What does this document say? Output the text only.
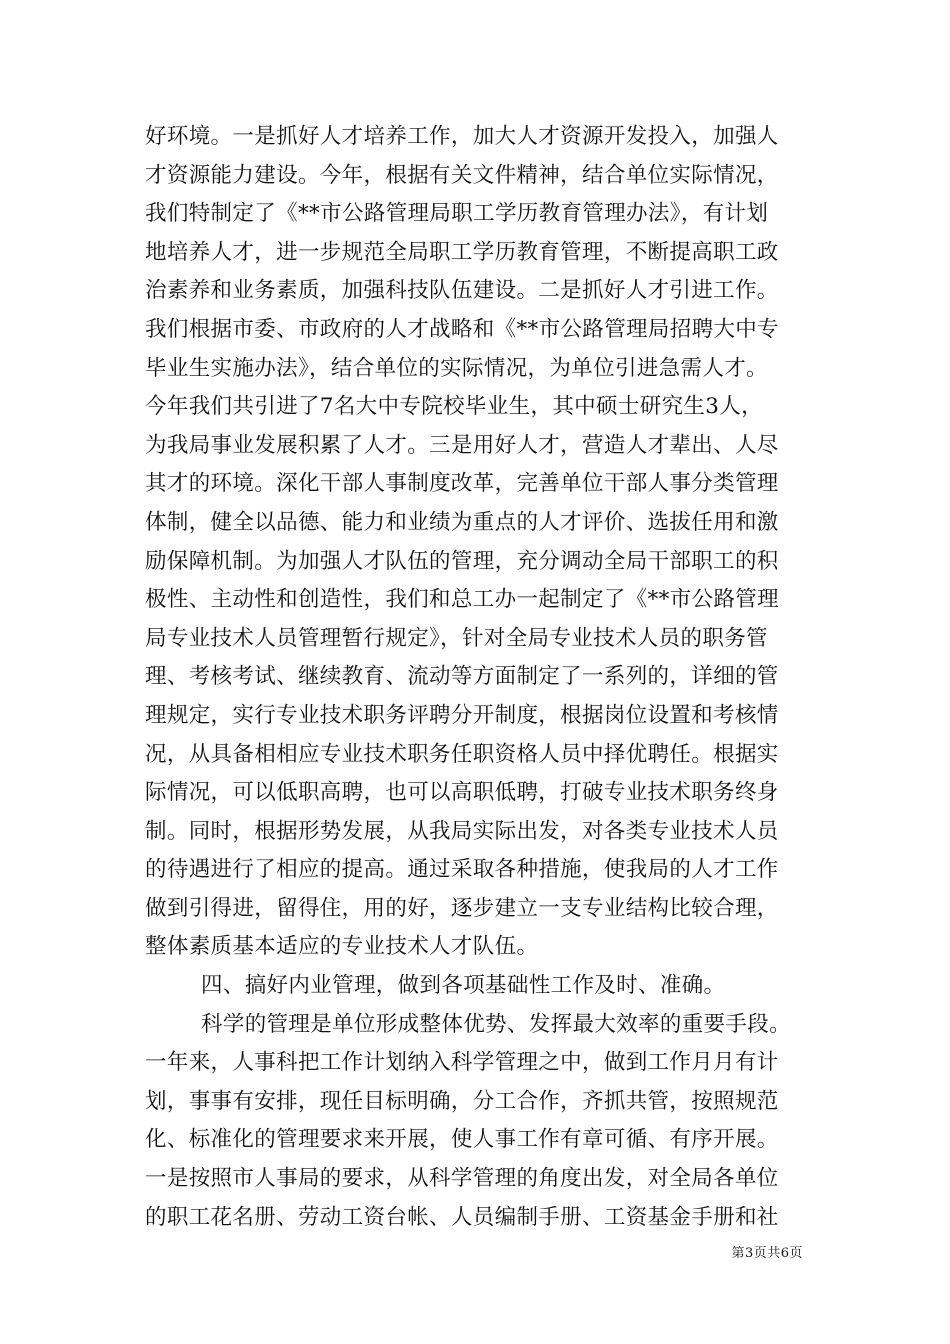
好环境。一是抓好人才培养工作，加大人才资源开发投入，加强人
才资源能力建设。今年，根据有关文件精神，结合单位实际情况，
我们特制定了《**市公路管理局职工学历教育管理办法》，有计划
地培养人才，进一步规范全局职工学历教育管理，不断提高职工政
治素养和业务素质，加强科技队伍建设。二是抓好人才引进工作。
我们根据市委、市政府的人才战略和《**市公路管理局招聘大中专
毕业生实施办法》，结合单位的实际情况，为单位引进急需人才。
今年我们共引进了7名大中专院校毕业生，其中硕士研究生3人，
为我局事业发展积累了人才。三是用好人才，营造人才辈出、人尽
其才的环境。深化干部人事制度改革，完善单位干部人事分类管理
体制，健全以品德、能力和业绩为重点的人才评价、选拔任用和激
励保障机制。为加强人才队伍的管理，充分调动全局干部职工的积
极性、主动性和创造性，我们和总工办一起制定了《**市公路管理
局专业技术人员管理暂行规定》，针对全局专业技术人员的职务管
理、考核考试、继续教育、流动等方面制定了一系列的，详细的管
理规定，实行专业技术职务评聘分开制度，根据岗位设置和考核情
况，从具备相相应专业技术职务任职资格人员中择优聘任。根据实
际情况，可以低职高聘，也可以高职低聘，打破专业技术职务终身
制。同时，根据形势发展，从我局实际出发，对各类专业技术人员
的待遇进行了相应的提高。通过采取各种措施，使我局的人才工作
做到引得进，留得住，用的好，逐步建立一支专业结构比较合理，
整体素质基本适应的专业技术人才队伍。
四、搞好内业管理，做到各项基础性工作及时、准确。
科学的管理是单位形成整体优势、发挥最大效率的重要手段。
一年来，人事科把工作计划纳入科学管理之中，做到工作月月有计
划，事事有安排，现任目标明确，分工合作，齐抓共管，按照规范
化、标准化的管理要求来开展，使人事工作有章可循、有序开展。
一是按照市人事局的要求，从科学管理的角度出发，对全局各单位
的职工花名册、劳动工资台帐、人员编制手册、工资基金手册和社
第3页共6页
